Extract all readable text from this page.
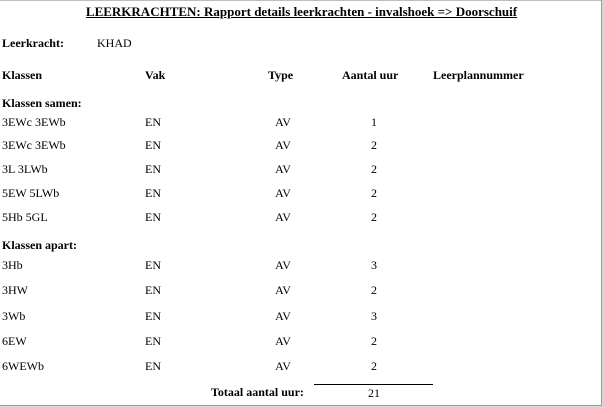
LEERKRACHTEN: Rapport details leerkrachten - invalshoek => Doorschuif
Leerkracht:	KHAD
Klassen	Vak	Type	Aantal uur	Leerplannummer
Klassen samen:
3EWc 3EWb	EN	AV	1
3EWc 3EWb	EN	AV	2
3L 3LWb	EN	AV	2
5EW 5LWb	EN	AV	2
5Hb 5GL	EN	AV	2
Klassen apart:
3Hb	EN	AV	3
3HW	EN	AV	2
3Wb	EN	AV	3
6EW	EN	AV	2
6WEWb	EN	AV	2
Totaal aantal uur:	21
